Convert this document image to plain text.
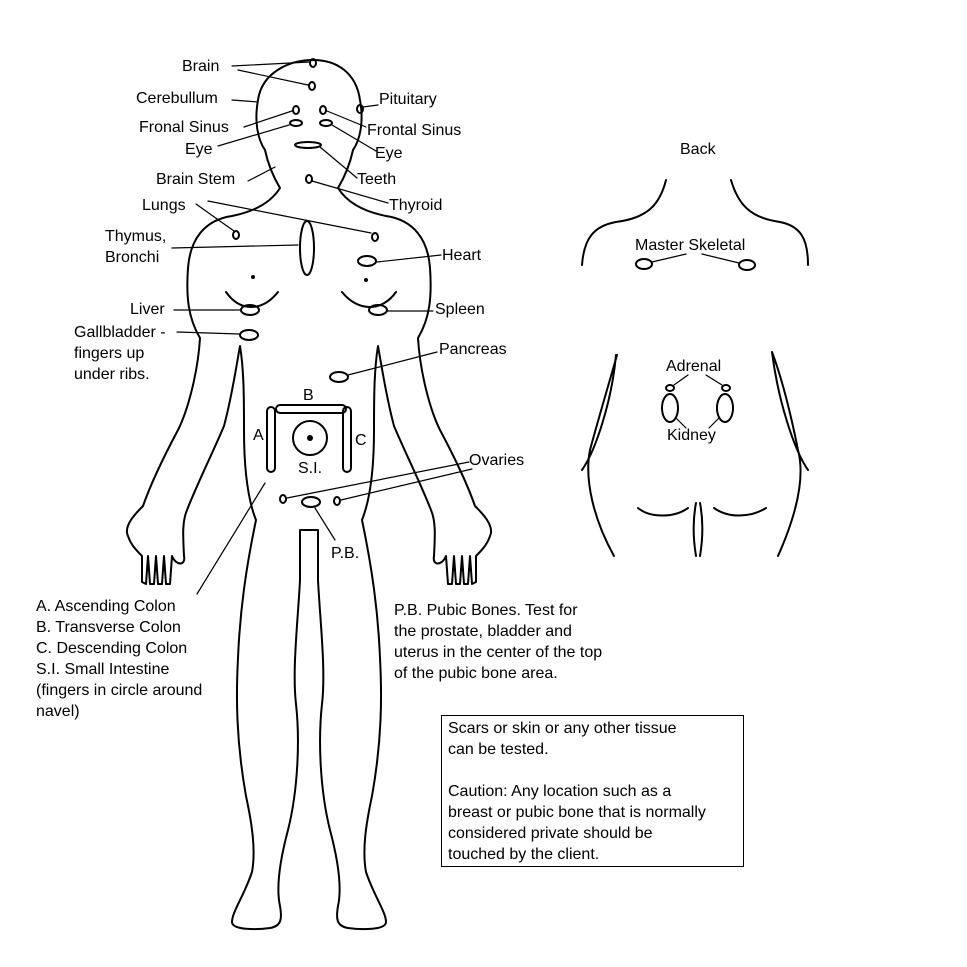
Brain
Cerebullum
Fronal Sinus
Eye
Brain Stem
Lungs
Thymus,
Bronchi
Liver
Gallbladder -
fingers up
under ribs.
Pituitary
Frontal Sinus
Eye
Teeth
Thyroid
Heart
Spleen
Pancreas
B
A	C
S.I.	Ovaries
P.B.
Back
Master Skeletal
Adrenal
Kidney
A. Ascending Colon
B. Transverse Colon
C. Descending Colon
S.I. Small Intestine
(fingers in circle around
navel)
P.B. Pubic Bones. Test for
the prostate, bladder and
uterus in the center of the top
of the pubic bone area.
Scars or skin or any other tissue
can be tested.
Caution: Any location such as a
breast or pubic bone that is normally
considered private should be
touched by the client.
